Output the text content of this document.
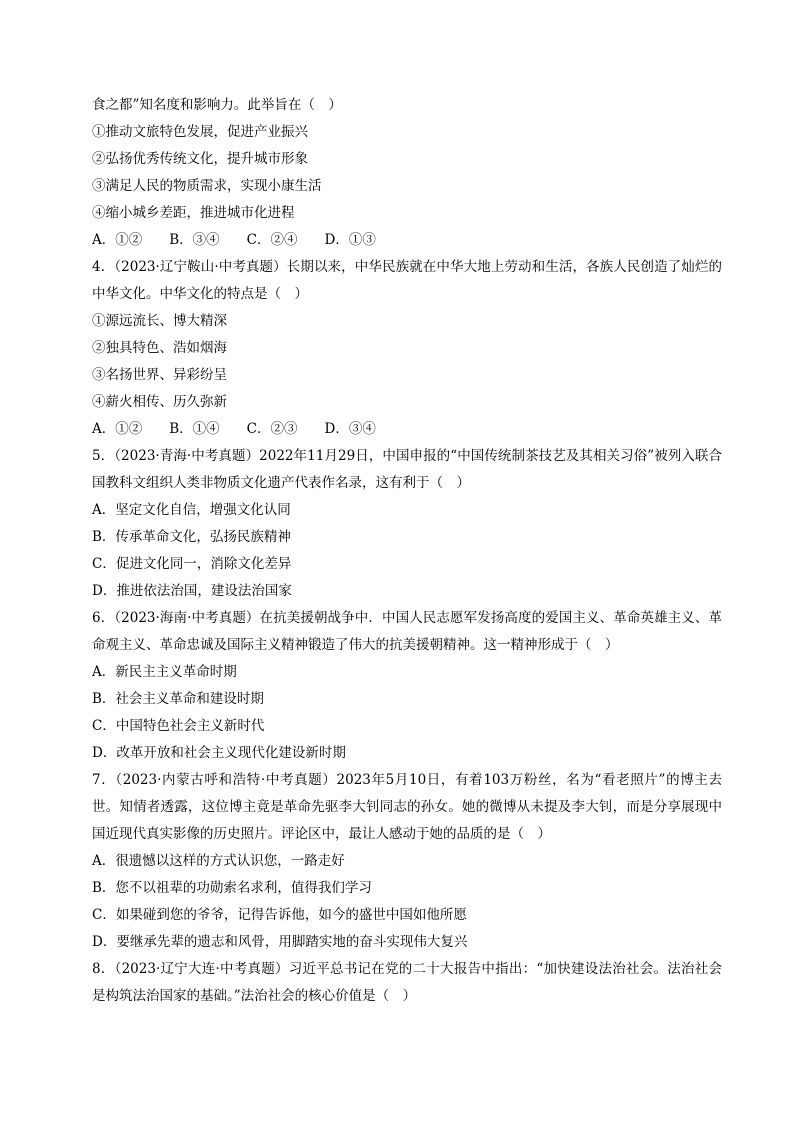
食之都”知名度和影响力。此举旨在（　）
①推动文旅特色发展，促进产业振兴
②弘扬优秀传统文化，提升城市形象
③满足人民的物质需求，实现小康生活
④缩小城乡差距，推进城市化进程
A．①②　　B．③④　　C．②④　　D．①③
4．（2023·辽宁鞍山·中考真题）长期以来，中华民族就在中华大地上劳动和生活，各族人民创造了灿烂的中华文化。中华文化的特点是（　）
①源远流长、博大精深
②独具特色、浩如烟海
③名扬世界、异彩纷呈
④薪火相传、历久弥新
A．①②　　B．①④　　C．②③　　D．③④
5．（2023·青海·中考真题）2022年11月29日，中国申报的“中国传统制茶技艺及其相关习俗”被列入联合国教科文组织人类非物质文化遗产代表作名录，这有利于（　）
A．坚定文化自信，增强文化认同
B．传承革命文化，弘扬民族精神
C．促进文化同一，消除文化差异
D．推进依法治国，建设法治国家
6．（2023·海南·中考真题）在抗美援朝战争中．中国人民志愿军发扬高度的爱国主义、革命英雄主义、革命观主义、革命忠诚及国际主义精神锻造了伟大的抗美援朝精神。这一精神形成于（　）
A．新民主主义革命时期
B．社会主义革命和建设时期
C．中国特色社会主义新时代
D．改革开放和社会主义现代化建设新时期
7．（2023·内蒙古呼和浩特·中考真题）2023年5月10日，有着103万粉丝，名为“看老照片”的博主去世。知情者透露，这位博主竟是革命先驱李大钊同志的孙女。她的微博从未提及李大钊，而是分享展现中国近现代真实影像的历史照片。评论区中，最让人感动于她的品质的是（　）
A．很遗憾以这样的方式认识您，一路走好
B．您不以祖辈的功勋索名求利，值得我们学习
C．如果碰到您的爷爷，记得告诉他，如今的盛世中国如他所愿
D．要继承先辈的遗志和风骨，用脚踏实地的奋斗实现伟大复兴
8．（2023·辽宁大连·中考真题）习近平总书记在党的二十大报告中指出：“加快建设法治社会。法治社会是构筑法治国家的基础。”法治社会的核心价值是（　）
